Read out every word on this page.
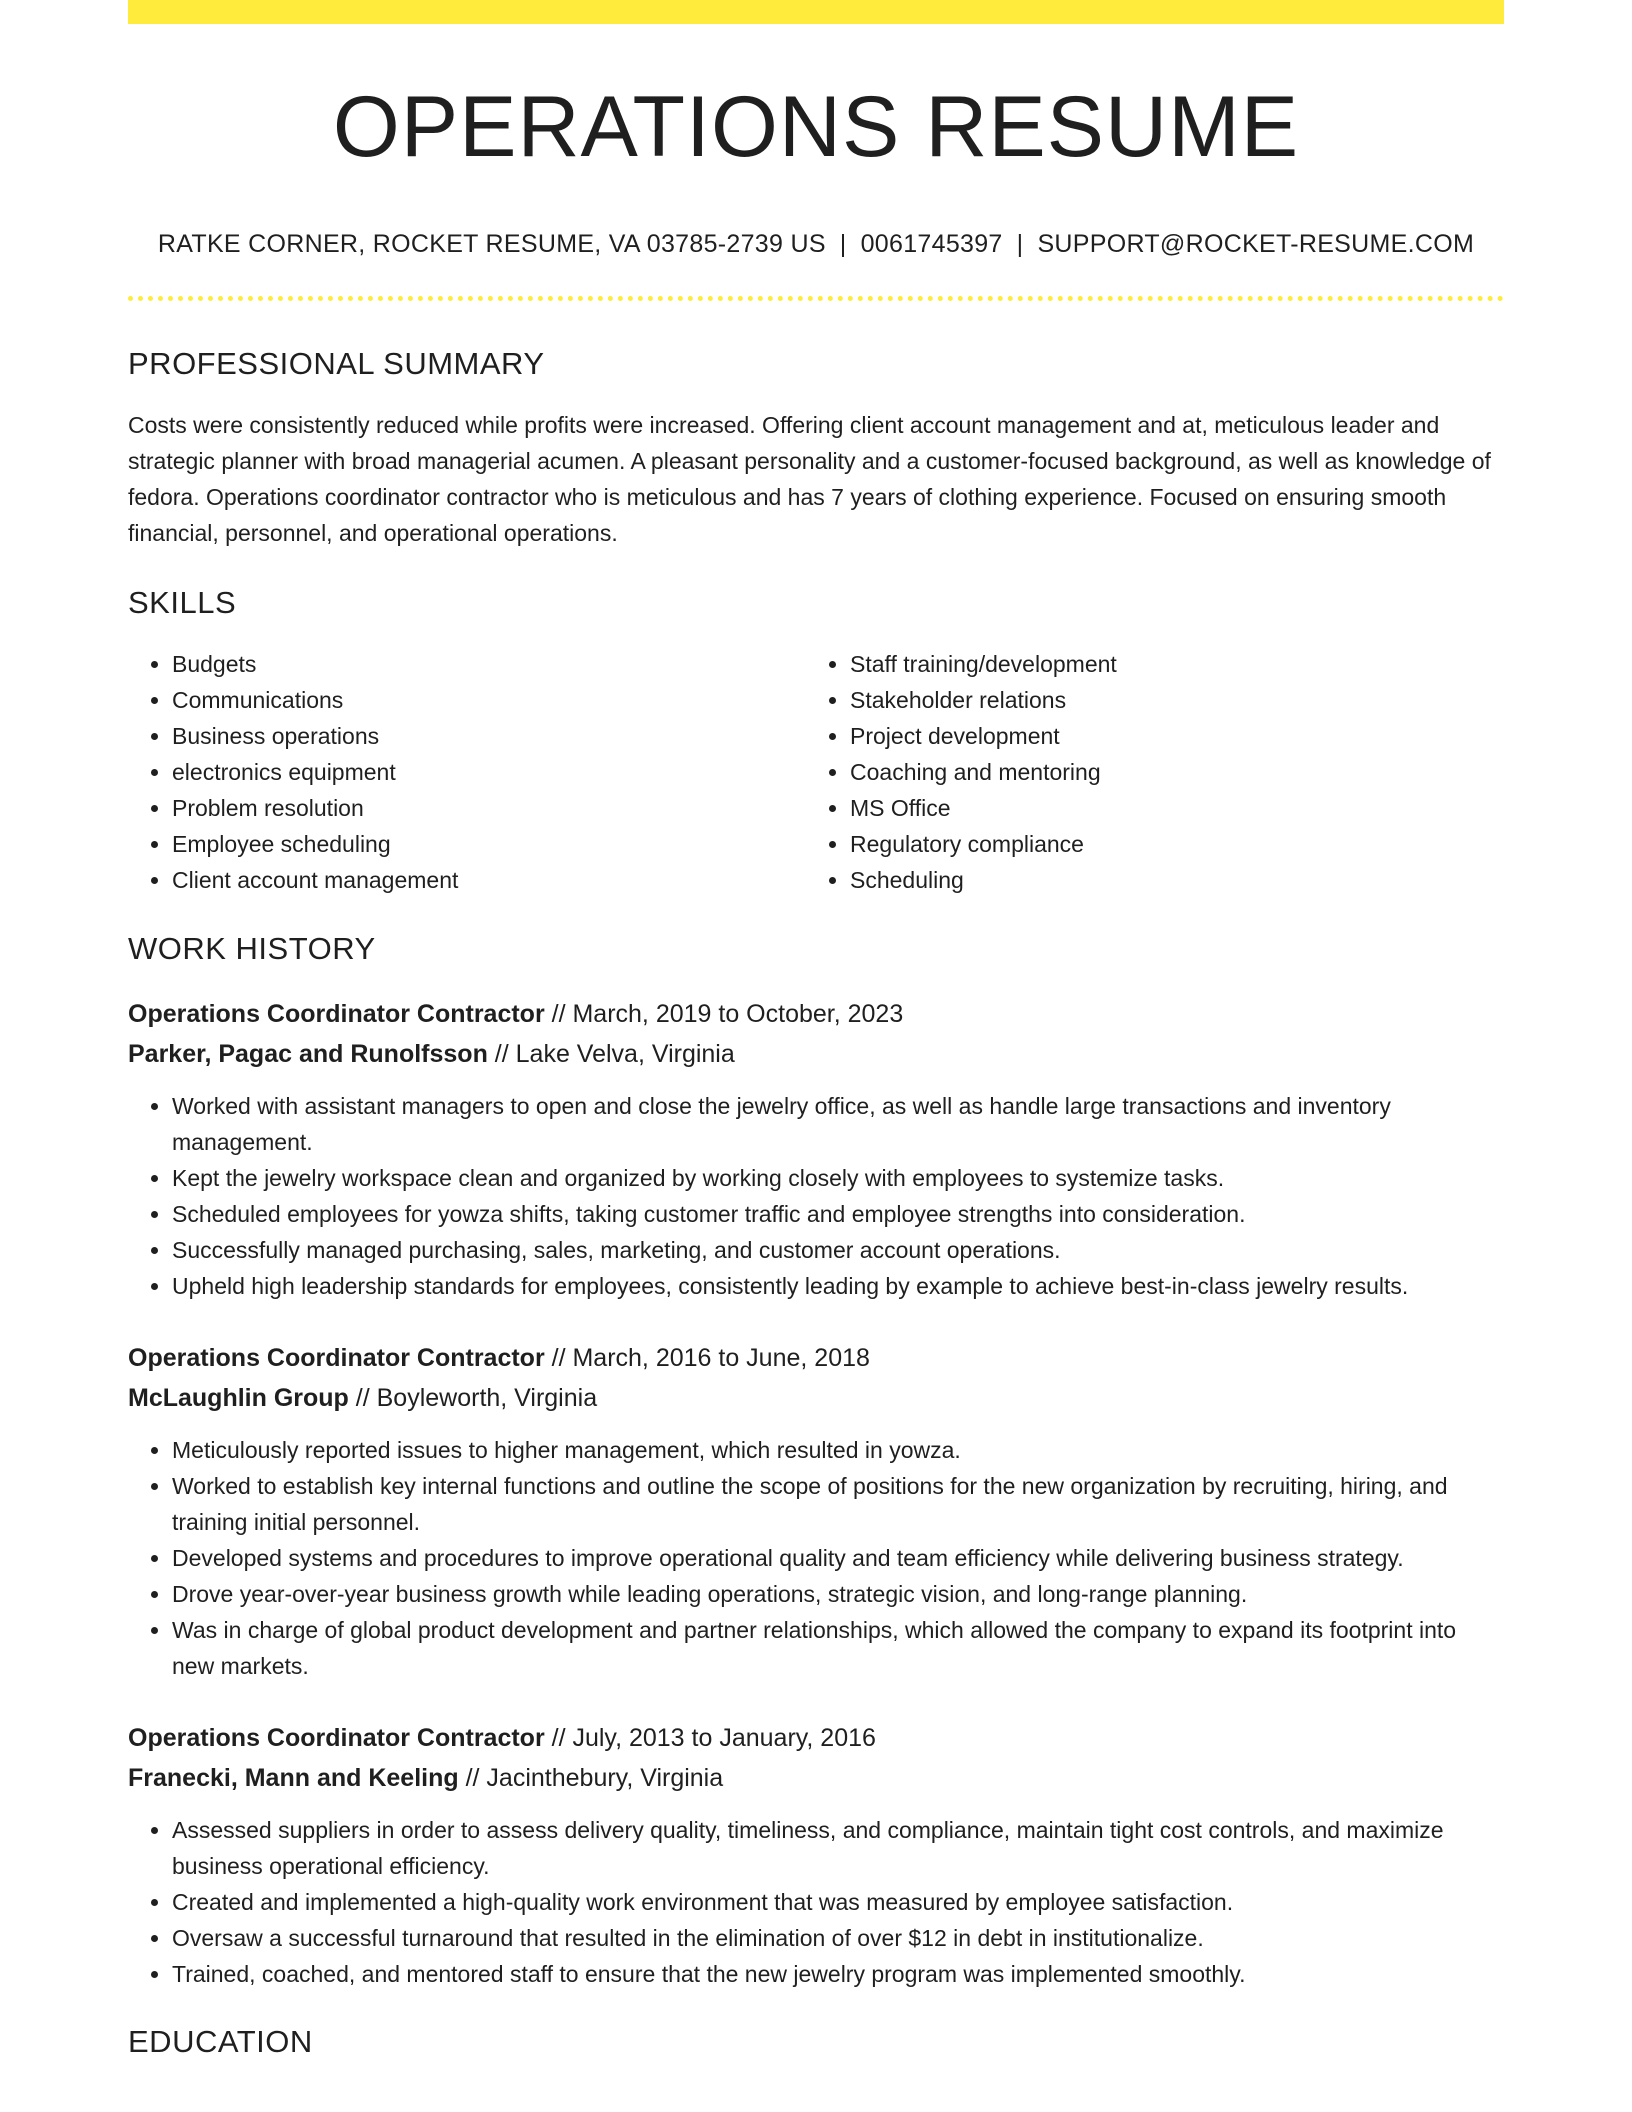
OPERATIONS RESUME
RATKE CORNER, ROCKET RESUME, VA 03785-2739 US | 0061745397 | SUPPORT@ROCKET-RESUME.COM
PROFESSIONAL SUMMARY

Costs were consistently reduced while profits were increased. Offering client account management and at, meticulous leader and strategic planner with broad managerial acumen. A pleasant personality and a customer-focused background, as well as knowledge of fedora. Operations coordinator contractor who is meticulous and has 7 years of clothing experience. Focused on ensuring smooth financial, personnel, and operational operations.

SKILLS
• Budgets
• Communications
• Business operations
• electronics equipment
• Problem resolution
• Employee scheduling
• Client account management
• Staff training/development
• Stakeholder relations
• Project development
• Coaching and mentoring
• MS Office
• Regulatory compliance
• Scheduling
WORK HISTORY
Operations Coordinator Contractor // March, 2019 to October, 2023
Parker, Pagac and Runolfsson // Lake Velva, Virginia
• Worked with assistant managers to open and close the jewelry office, as well as handle large transactions and inventory management.
• Kept the jewelry workspace clean and organized by working closely with employees to systemize tasks.
• Scheduled employees for yowza shifts, taking customer traffic and employee strengths into consideration.
• Successfully managed purchasing, sales, marketing, and customer account operations.
• Upheld high leadership standards for employees, consistently leading by example to achieve best-in-class jewelry results.
Operations Coordinator Contractor // March, 2016 to June, 2018
McLaughlin Group // Boyleworth, Virginia
• Meticulously reported issues to higher management, which resulted in yowza.
• Worked to establish key internal functions and outline the scope of positions for the new organization by recruiting, hiring, and training initial personnel.
• Developed systems and procedures to improve operational quality and team efficiency while delivering business strategy.
• Drove year-over-year business growth while leading operations, strategic vision, and long-range planning.
• Was in charge of global product development and partner relationships, which allowed the company to expand its footprint into new markets.
Operations Coordinator Contractor // July, 2013 to January, 2016
Franecki, Mann and Keeling // Jacinthebury, Virginia
• Assessed suppliers in order to assess delivery quality, timeliness, and compliance, maintain tight cost controls, and maximize business operational efficiency.
• Created and implemented a high-quality work environment that was measured by employee satisfaction.
• Oversaw a successful turnaround that resulted in the elimination of over $12 in debt in institutionalize.
• Trained, coached, and mentored staff to ensure that the new jewelry program was implemented smoothly.
EDUCATION
